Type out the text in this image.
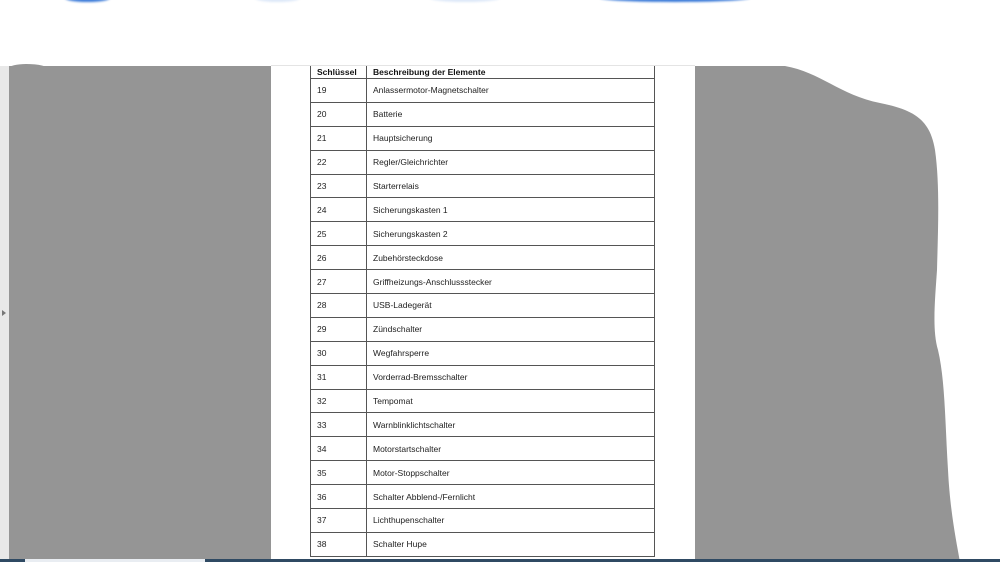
Schlüssel	Beschreibung der Elemente
19	Anlassermotor-Magnetschalter
20	Batterie
21	Hauptsicherung
22	Regler/Gleichrichter
23	Starterrelais
24	Sicherungskasten 1
25	Sicherungskasten 2
26	Zubehörsteckdose
27	Griffheizungs-Anschlussstecker
28	USB-Ladegerät
29	Zündschalter
30	Wegfahrsperre
31	Vorderrad-Bremsschalter
32	Tempomat
33	Warnblinklichtschalter
34	Motorstartschalter
35	Motor-Stoppschalter
36	Schalter Abblend-/Fernlicht
37	Lichthupenschalter
38	Schalter Hupe
